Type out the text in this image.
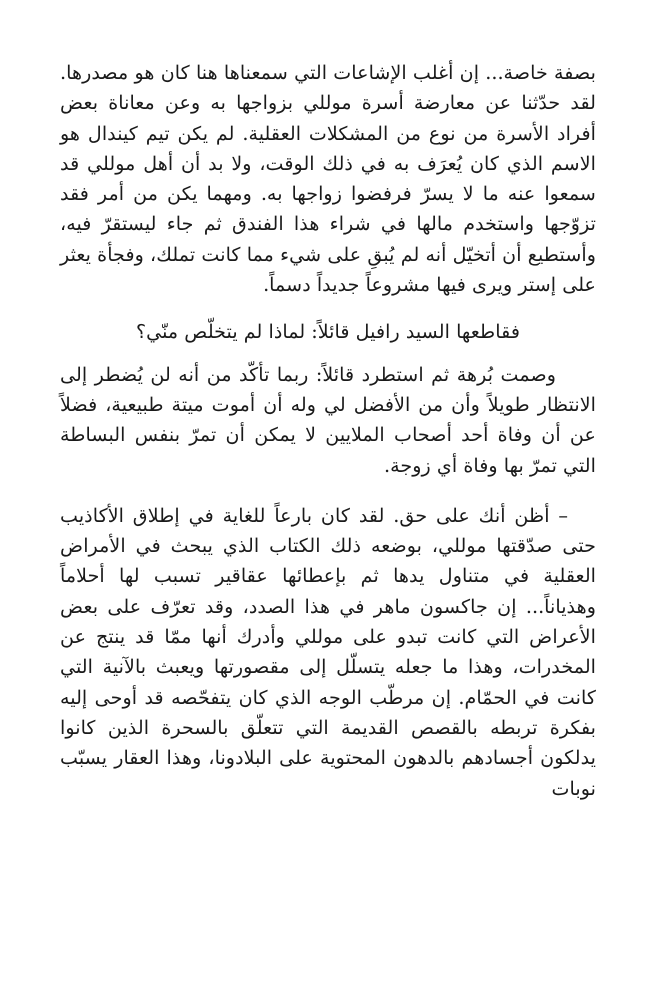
بصفة خاصة... إن أغلب الإشاعات التي سمعناها هنا كان هو مصدرها. لقد حدّثنا عن معارضة أسرة موللي بزواجها به وعن معاناة بعض أفراد الأسرة من نوع من المشكلات العقلية. لم يكن تيم كيندال هو الاسم الذي كان يُعرَف به في ذلك الوقت، ولا بد أن أهل موللي قد سمعوا عنه ما لا يسرّ فرفضوا زواجها به. ومهما يكن من أمر فقد تزوّجها واستخدم مالها في شراء هذا الفندق ثم جاء ليستقرّ فيه، وأستطيع أن أتخيّل أنه لم يُبقِ على شيء مما كانت تملك، وفجأة يعثر على إستر ويرى فيها مشروعاً جديداً دسماً.

فقاطعها السيد رافيل قائلاً: لماذا لم يتخلّص منّي؟

وصمت بُرهة ثم استطرد قائلاً: ربما تأكّد من أنه لن يُضطر إلى الانتظار طويلاً وأن من الأفضل لي وله أن أموت ميتة طبيعية، فضلاً عن أن وفاة أحد أصحاب الملايين لا يمكن أن تمرّ بنفس البساطة التي تمرّ بها وفاة أي زوجة.

– أظن أنك على حق. لقد كان بارعاً للغاية في إطلاق الأكاذيب حتى صدّقتها موللي، بوضعه ذلك الكتاب الذي يبحث في الأمراض العقلية في متناول يدها ثم بإعطائها عقاقير تسبب لها أحلاماً وهذياناً... إن جاكسون ماهر في هذا الصدد، وقد تعرّف على بعض الأعراض التي كانت تبدو على موللي وأدرك أنها ممّا قد ينتج عن المخدرات، وهذا ما جعله يتسلّل إلى مقصورتها ويعبث بالآنية التي كانت في الحمّام. إن مرطّب الوجه الذي كان يتفحّصه قد أوحى إليه بفكرة تربطه بالقصص القديمة التي تتعلّق بالسحرة الذين كانوا يدلكون أجسادهم بالدهون المحتوية على البلادونا، وهذا العقار يسبّب نوبات
